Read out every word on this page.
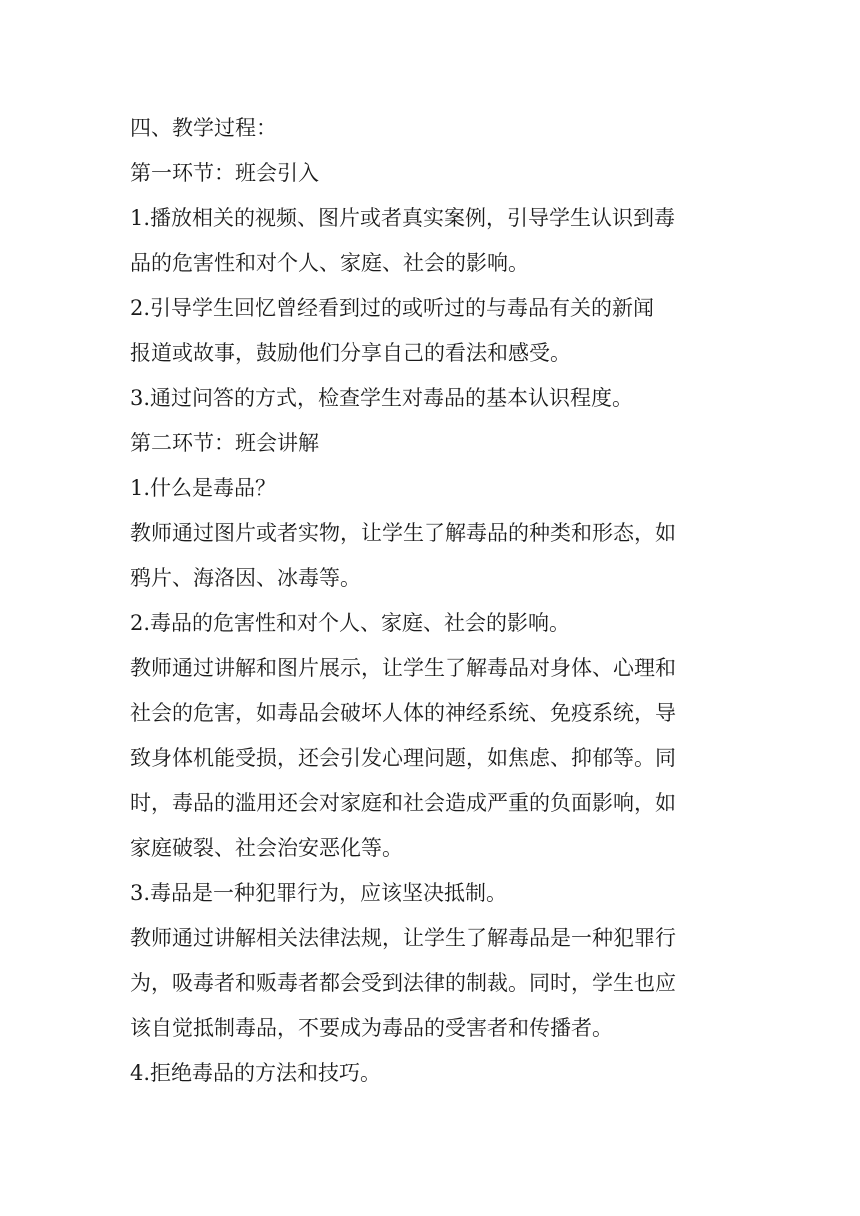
四、教学过程：
第一环节：班会引入
1.播放相关的视频、图片或者真实案例，引导学生认识到毒
品的危害性和对个人、家庭、社会的影响。
2.引导学生回忆曾经看到过的或听过的与毒品有关的新闻
报道或故事，鼓励他们分享自己的看法和感受。
3.通过问答的方式，检查学生对毒品的基本认识程度。
第二环节：班会讲解
1.什么是毒品？
教师通过图片或者实物，让学生了解毒品的种类和形态，如
鸦片、海洛因、冰毒等。
2.毒品的危害性和对个人、家庭、社会的影响。
教师通过讲解和图片展示，让学生了解毒品对身体、心理和
社会的危害，如毒品会破坏人体的神经系统、免疫系统，导
致身体机能受损，还会引发心理问题，如焦虑、抑郁等。同
时，毒品的滥用还会对家庭和社会造成严重的负面影响，如
家庭破裂、社会治安恶化等。
3.毒品是一种犯罪行为，应该坚决抵制。
教师通过讲解相关法律法规，让学生了解毒品是一种犯罪行
为，吸毒者和贩毒者都会受到法律的制裁。同时，学生也应
该自觉抵制毒品，不要成为毒品的受害者和传播者。
4.拒绝毒品的方法和技巧。
